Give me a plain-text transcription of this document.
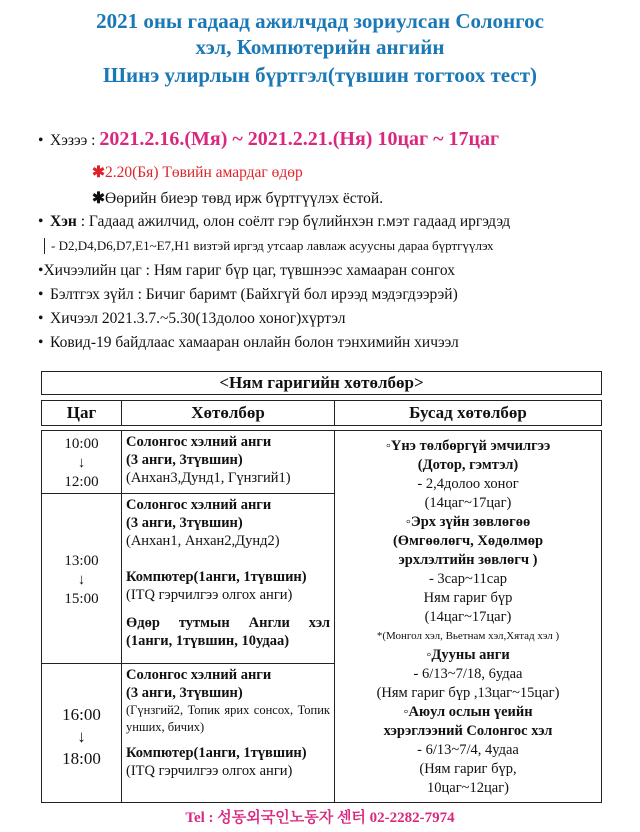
2021 оны гадаад ажилчдад зориулсан Солонгос
хэл, Компютерийн ангийн
Шинэ улирлын бүртгэл(түвшин тогтоох тест)
• Хэзээ : 2021.2.16.(Мя) ~ 2021.2.21.(Ня) 10цаг ~ 17цаг
✱2.20(Бя) Төвийн амардаг өдөр
✱Өөрийн биеэр төвд ирж бүртгүүлэх ёстой.
• Хэн : Гадаад ажилчид, олон соёлт гэр бүлийнхэн г.мэт гадаад иргэдэд
- D2,D4,D6,D7,E1~E7,H1 визтэй иргэд утсаар лавлаж асуусны дараа бүртгүүлэх
•Хичээлийн цаг : Ням гариг бүр цаг, түвшнээс хамааран сонгох
• Бэлтгэх зүйл : Бичиг баримт (Байхгүй бол ирээд мэдэгдээрэй)
• Хичээл 2021.3.7.~5.30(13долоо хоног)хүртэл
• Ковид-19 байдлаас хамааран онлайн болон тэнхимийн хичээл
<Ням гаригийн хөтөлбөр>
Цаг	Хөтөлбөр	Бусад хөтөлбөр
10:00
↓
12:00
Солонгос хэлний анги
(3 анги, 3түвшин)
(Анхан3,Дунд1, Гүнзгий1)
13:00
↓
15:00
Солонгос хэлний анги
(3 анги, 3түвшин)
(Анхан1, Анхан2,Дунд2)
Компютер(1анги, 1түвшин)
(ITQ гэрчилгээ олгох анги)
Өдөр тутмын Англи хэл
(1анги, 1түвшин, 10удаа)
16:00
↓
18:00
Солонгос хэлний анги
(3 анги, 3түвшин)
(Гүнзгий2, Топик ярих сонсох, Топик унших, бичих)
Компютер(1анги, 1түвшин)
(ITQ гэрчилгээ олгох анги)
◦Үнэ төлбөргүй эмчилгээ
(Дотор, гэмтэл)
- 2,4долоо хоног
(14цаг~17цаг)
◦Эрх зүйн зөвлөгөө
(Өмгөөлөгч, Хөдөлмөр
эрхлэлтийн зөвлөгч )
- 3сар~11сар
Ням гариг бүр
(14цаг~17цаг)
*(Монгол хэл, Вьетнам хэл,Хятад хэл )
◦Дууны анги
- 6/13~7/18, 6удаа
(Ням гариг бүр ,13цаг~15цаг)
◦Аюул ослын үеийн
хэрэглээний Солонгос хэл
- 6/13~7/4, 4удаа
(Ням гариг бүр,
10цаг~12цаг)
Tel : 성동외국인노동자 센터 02-2282-7974
